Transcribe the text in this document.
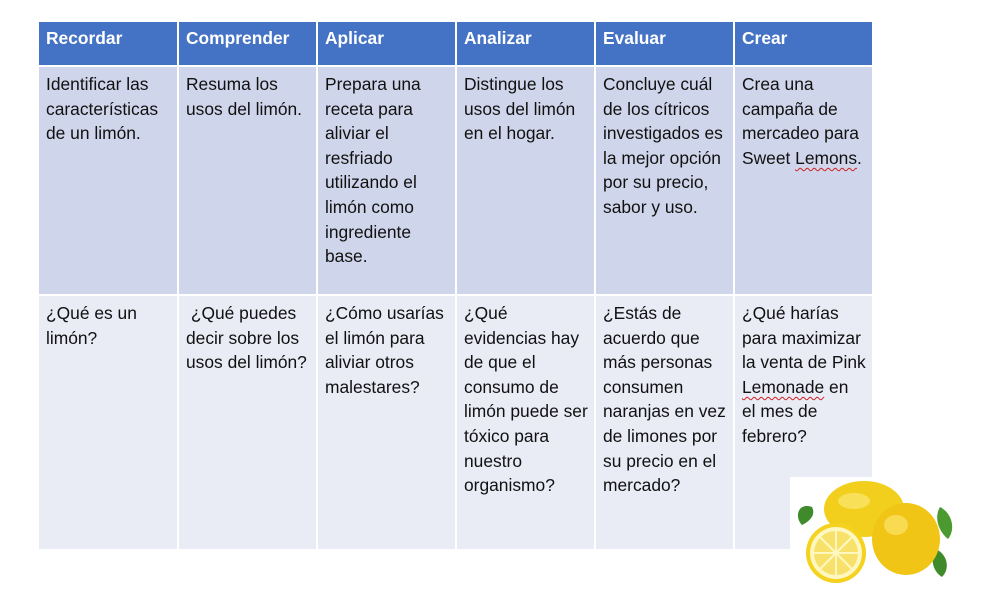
Recordar	Comprender	Aplicar	Analizar	Evaluar	Crear
Identificar las características de un limón.	Resuma los usos del limón.	Prepara una receta para aliviar el resfriado utilizando el limón como ingrediente base.	Distingue los usos del limón en el hogar.	Concluye cuál de los cítricos investigados es la mejor opción por su precio, sabor y uso.	Crea una campaña de mercadeo para Sweet Lemons.
¿Qué es un limón?	¿Qué puedes decir sobre los usos del limón?	¿Cómo usarías el limón para aliviar otros malestares?	¿Qué evidencias hay de que el consumo de limón puede ser tóxico para nuestro organismo?	¿Estás de acuerdo que más personas consumen naranjas en vez de limones por su precio en el mercado?	¿Qué harías para maximizar la venta de Pink Lemonade en el mes de febrero?
